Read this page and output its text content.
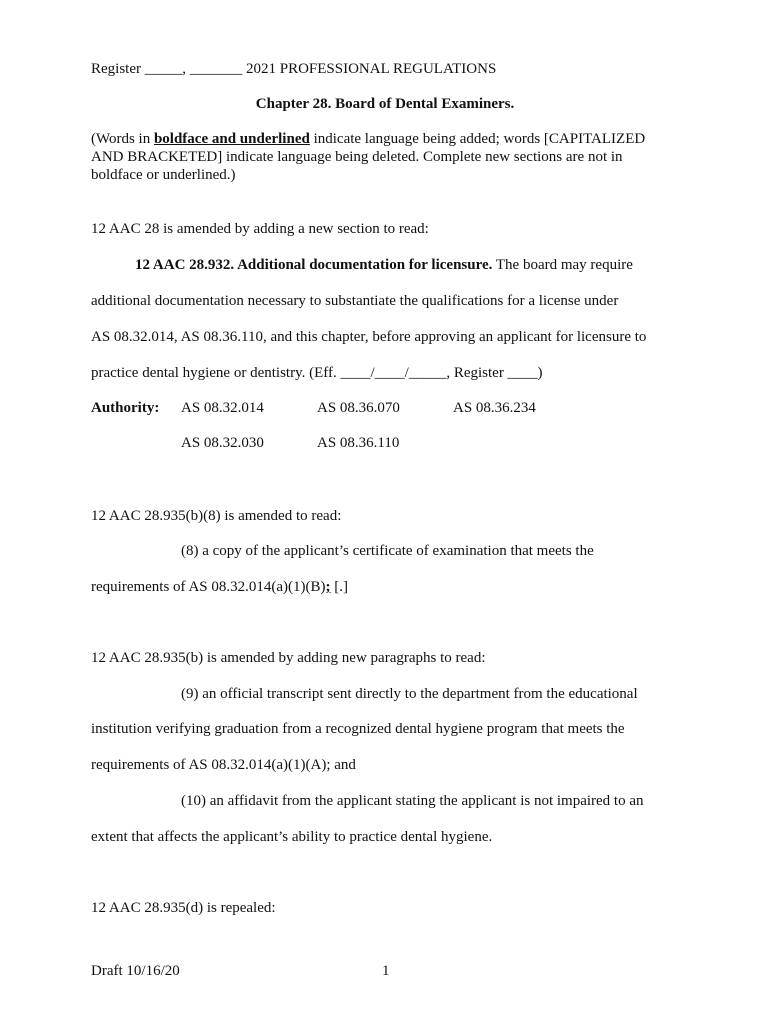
Register _____, _______ 2021 PROFESSIONAL REGULATIONS
Chapter 28. Board of Dental Examiners.
(Words in boldface and underlined indicate language being added; words [CAPITALIZED AND BRACKETED] indicate language being deleted. Complete new sections are not in boldface or underlined.)
12 AAC 28 is amended by adding a new section to read:
12 AAC 28.932. Additional documentation for licensure. The board may require
additional documentation necessary to substantiate the qualifications for a license under
AS 08.32.014, AS 08.36.110, and this chapter, before approving an applicant for licensure to
practice dental hygiene or dentistry. (Eff. ____/____/_____, Register ____)
Authority: AS 08.32.014	AS 08.36.070	AS 08.36.234
AS 08.32.030	AS 08.36.110
12 AAC 28.935(b)(8) is amended to read:
(8) a copy of the applicant’s certificate of examination that meets the
requirements of AS 08.32.014(a)(1)(B); [.]
12 AAC 28.935(b) is amended by adding new paragraphs to read:
(9) an official transcript sent directly to the department from the educational
institution verifying graduation from a recognized dental hygiene program that meets the
requirements of AS 08.32.014(a)(1)(A); and
(10) an affidavit from the applicant stating the applicant is not impaired to an
extent that affects the applicant’s ability to practice dental hygiene.
12 AAC 28.935(d) is repealed:
Draft 10/16/20	1
